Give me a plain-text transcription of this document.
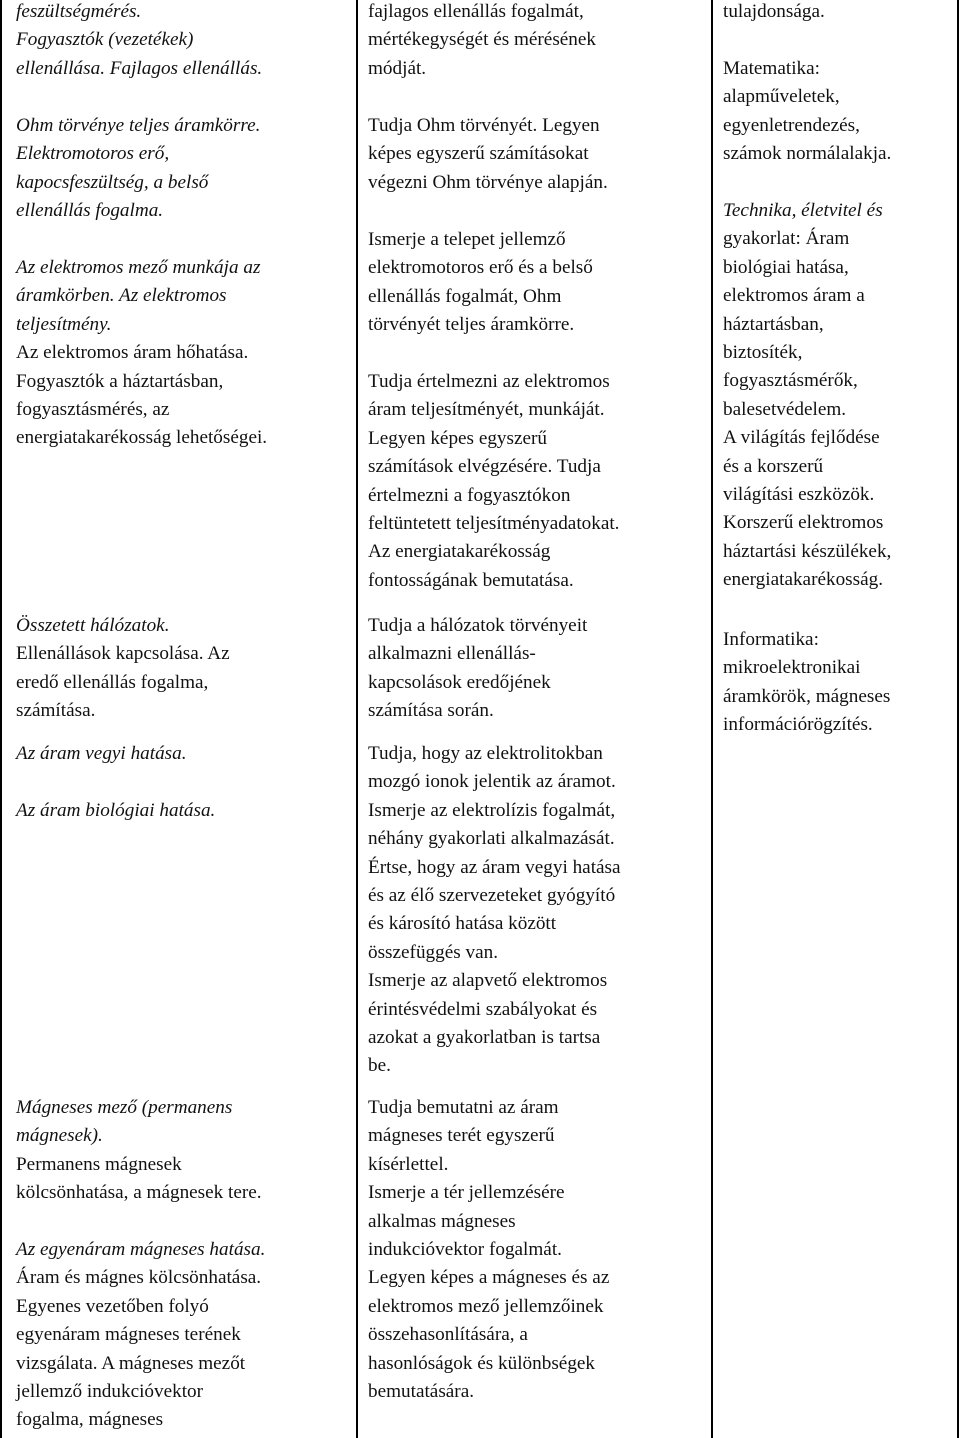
feszültségmérés.
Fogyasztók (vezetékek)
ellenállása. Fajlagos ellenállás.
Ohm törvénye teljes áramkörre.
Elektromotoros erő,
kapocsfeszültség, a belső
ellenállás fogalma.
Az elektromos mező munkája az
áramkörben. Az elektromos
teljesítmény.
Az elektromos áram hőhatása.
Fogyasztók a háztartásban,
fogyasztásmérés, az
energiatakarékosság lehetőségei.
Összetett hálózatok.
Ellenállások kapcsolása. Az
eredő ellenállás fogalma,
számítása.
Az áram vegyi hatása.
Az áram biológiai hatása.
Mágneses mező (permanens
mágnesek).
Permanens mágnesek
kölcsönhatása, a mágnesek tere.
Az egyenáram mágneses hatása.
Áram és mágnes kölcsönhatása.
Egyenes vezetőben folyó
egyenáram mágneses terének
vizsgálata. A mágneses mezőt
jellemző indukcióvektor
fogalma, mágneses
fajlagos ellenállás fogalmát,
mértékegységét és mérésének
módját.
Tudja Ohm törvényét. Legyen
képes egyszerű számításokat
végezni Ohm törvénye alapján.
Ismerje a telepet jellemző
elektromotoros erő és a belső
ellenállás fogalmát, Ohm
törvényét teljes áramkörre.
Tudja értelmezni az elektromos
áram teljesítményét, munkáját.
Legyen képes egyszerű
számítások elvégzésére. Tudja
értelmezni a fogyasztókon
feltüntetett teljesítményadatokat.
Az energiatakarékosság
fontosságának bemutatása.
Tudja a hálózatok törvényeit
alkalmazni ellenállás-
kapcsolások eredőjének
számítása során.
Tudja, hogy az elektrolitokban
mozgó ionok jelentik az áramot.
Ismerje az elektrolízis fogalmát,
néhány gyakorlati alkalmazását.
Értse, hogy az áram vegyi hatása
és az élő szervezeteket gyógyító
és károsító hatása között
összefüggés van.
Ismerje az alapvető elektromos
érintésvédelmi szabályokat és
azokat a gyakorlatban is tartsa
be.
Tudja bemutatni az áram
mágneses terét egyszerű
kísérlettel.
Ismerje a tér jellemzésére
alkalmas mágneses
indukcióvektor fogalmát.
Legyen képes a mágneses és az
elektromos mező jellemzőinek
összehasonlítására, a
hasonlóságok és különbségek
bemutatására.
tulajdonsága.
Matematika:
alapműveletek,
egyenletrendezés,
számok normálalakja.
Technika, életvitel és
gyakorlat: Áram
biológiai hatása,
elektromos áram a
háztartásban,
biztosíték,
fogyasztásmérők,
balesetvédelem.
A világítás fejlődése
és a korszerű
világítási eszközök.
Korszerű elektromos
háztartási készülékek,
energiatakarékosság.
Informatika:
mikroelektronikai
áramkörök, mágneses
információrögzítés.
